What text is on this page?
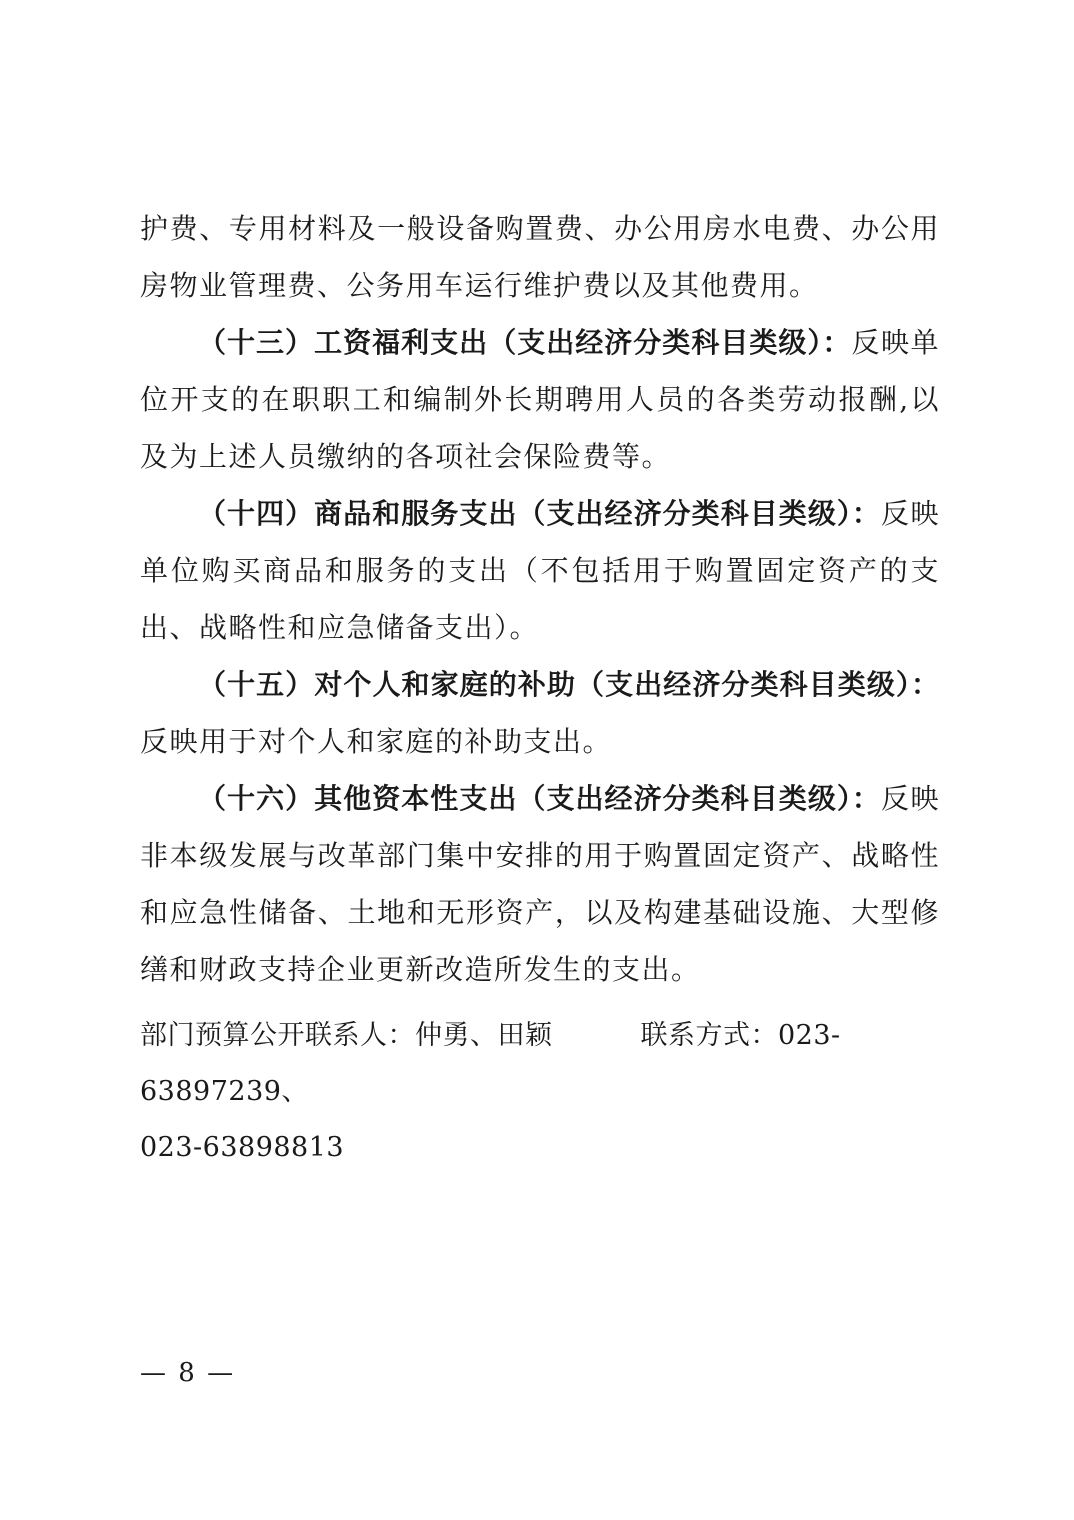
护费、专用材料及一般设备购置费、办公用房水电费、办公用房物业管理费、公务用车运行维护费以及其他费用。

（十三）工资福利支出（支出经济分类科目类级）：反映单位开支的在职职工和编制外长期聘用人员的各类劳动报酬,以及为上述人员缴纳的各项社会保险费等。

（十四）商品和服务支出（支出经济分类科目类级）：反映单位购买商品和服务的支出（不包括用于购置固定资产的支出、战略性和应急储备支出）。

（十五）对个人和家庭的补助（支出经济分类科目类级）：反映用于对个人和家庭的补助支出。

（十六）其他资本性支出（支出经济分类科目类级）：反映非本级发展与改革部门集中安排的用于购置固定资产、战略性和应急性储备、土地和无形资产，以及构建基础设施、大型修缮和财政支持企业更新改造所发生的支出。

部门预算公开联系人：仲勇、田颖	联系方式：023-63897239、
023-63898813
— 8 —
